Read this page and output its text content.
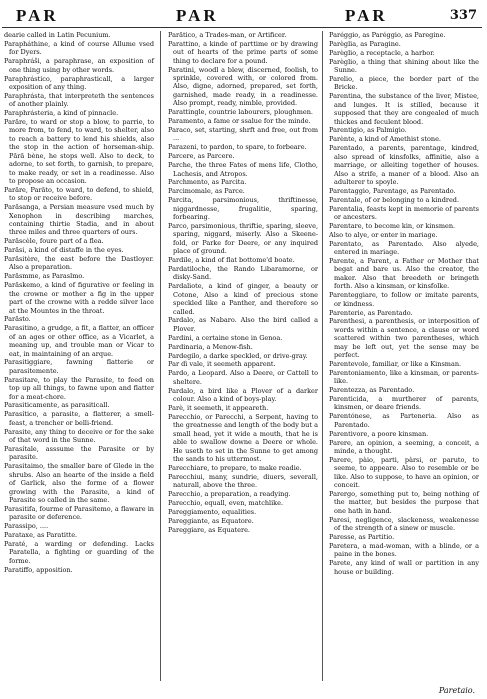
PAR	PAR	PAR	337
dearie called in Latin Pecunium.
Parapháthine, a kind of course Allume vsed for Dyers.
Paraphráši, a paraphrase, an exposition of one thing using by other words.
Paraphrástico, paraphrasticall, a larger exposition of any thing.
Paraphrásta, that interpreteth the sentences of another plainly.
Paraphrásteria, a kind of pinnacle.
Parăre, to ward or stop a blow, to parrie, to more from, to fend, to ward, to shelter, also to reach a battery to lend his shields, also the stop in the action of horseman-ship. Pără bène, he stops well. Also to deck, to adorne, to set forth, to garnish, to prepare, to make ready, or set in a readinesse. Also to propose an occasion.
Parăre, Parăto, to ward, to defend, to shield, to stop or receive before.
Parăsanga, a Persian measure vsed much by Xenophon in describing marches, containing thirtie Stadia, and in about three miles and three quarters of ours.
Parăscèle, foure part of a flea.
Parăsi, a kind of distaffe in the eyes.
Parăsitère, the east before the Dastloyer. Also a preparation.
Parăsmme, as Paraslmo.
Parăskemo, a kind of figurative or feeling in the crowne or mother a fig in the upper part of the crowne with a redde silver lace at the Mountes in the throat.
Parăsto.
Parasitino, a grudge, a fit, a flatter, an officer of an ages or other office, as a Vicarlet, a meaning up, and trouble man or Vicar to eat, in maintaining of an arque.
Parasitiggiare, fawning flatterie or parasitemente.
Parasitare, to play the Parasite, to feed on top up all things, to fawne upon and flatter for a meat-chore.
Parasiticamente, as parasiticall.
Parasítico, a parasite, a flatterer, a smell-feast, a trencher or belli-friend.
Parasite, any thing to deceive or for the sake of that word in the Sunne.
Parasítale, asssume the Parasite or by parasite.
Parasitaimo, the smaller bare of Glede in the shrubs. Also an hearte of the inside a field of Garlick, also the forme of a flower growing with the Parasite, a kind of Parasite so called in the same.
Parasitifa, fourme of Parasitemo, a flaware in parasite or deference.
Parassipo, ....
Parataxe, as Paratitte.
Paraté, a warding or defending. Lacks Paratella, a fighting or guarding of the forme.
Paratiffo, apposition.
Parătico, a Trades-man, or Artificer.
Parattino, a kinde of parttime or by drawing out of hearts of the prime parts of some thing to declare for a pound.
Paratini, woodl a blew, discerned, foolish, to sprinkle, covered with, or colored from. Also, digne, adorned, prepared, set forth, garnished, made ready, in a readinesse. Also prompt, ready, nimble, provided.
Parattingle, countrie labourers, ploughmen.
Paramento, a fame or ssalue for the minde.
Paraco, set, starting, shrft and free, out from ...
Parazeni, to pardon, to spare, to forbeare.
Parcere, as Parcere.
Parche, the three Fates of mens life, Clotho, Lachesis, and Atropos.
Parchmento, as Parcita.
Parcimomale, as Parce.
Parcita, parsimonious, thriftinesse, niggardnesse, frugalitie, sparing, forbearing.
Parco, parsimonious, thriftie, sparing, sleeve, sparing, niggard, miserly. Also a Skeene-fold, or Parke for Deere, or any inquired place of ground.
Pardile, a kind of flat bottome'd boate.
Pardatiloche, the Rando Libaramorne, or disky-Sand.
Pardaliote, a kind of ginger, a beauty or Cotone, Also a kind of precious stone speckled like a Panther, and therefore so called.
Pardalo, as Nabaro. Also the bird called a Plover.
Pardini, a certaine stone in Genoa.
Pardinaria, a Menow-fish.
Pardegilo, a darke speckled, or drive-gray.
Par dì vale, it seemeth apparent.
Pardo, a Leopard. Also a Deere, or Cattell to sheltere.
Pardalo, a bird like a Plover of a darker colour. Also a kind of boys-play.
Parè, it seemeth, it appeareth.
Parecchio, or Parecchi, a Serpent, having to the greatnesse and length of the body but a small head, yet it wide a mouth, that he is able to swallow downe a Deere or whole. He useth to set in the Sunne to get among the sands to his uttermost.
Parecchiare, to prepare, to make readie.
Parecchiui, many, sundrie, diuers, severall, naturall, above the three.
Parecchio, a preparation, a readying.
Parecchio, equall, even, matchlike.
Pareggiamento, equalities.
Pareggiante, as Equatore.
Pareggiare, as Equatere.
Paréggio, as Paréggio, as Paregine.
Parèglia, as Paragine.
Parèglio, a receptacle, a harbor.
Parèglio, a thing that shining about like the Sunne.
Parelio, a piece, the border part of the Bricke.
Parentina, the substance of the liver, Mistee, and lunges. It is stilled, because it supposed that they are congealed of much thickes and feculent blood.
Parentigio, as Palmigio.
Parènte, a kind of Amethist stone.
Parentado, a parents, parentage, kindred, also spread of kinsfolks, affinitie, also a marriage, or alleiting together of houses. Also a strife, a maner of a blood. Also an adulterer to spoyle.
Parentaggio, Parentage, as Parentado.
Parentale, of or belonging to a kindred.
Parentalia, feasts kept in memorie of parents or ancesters.
Parentare, to become kin, or kinsmen.
Also to alye, or enter in mariage.
Parentato, as Parentado. Also alyede, entered in mariage.
Parente, a Parent, a Father or Mother that begat and bare us. Also the creator, the maker. Also that breedeth or bringeth forth. Also a kinsman, or kinsfolke.
Parenteggiare, to follow or imitate parents, or kindness.
Parenterie, as Parentado.
Parenthesi, a parenthesis, or interposition of words within a sentence, a clause or word scattered within two parentheses, which may be left out, yet the sense may be perfect.
Parentevole, familiar, or like a Kinsman.
Parentoniamento, like a kinsman, or parents-like.
Parentezza, as Parentado.
Parenticida, a murtherer of parents, kinsmen, or deare friends.
Parentónese, as Parteneria. Also as Parentado.
Parentivore, a poore kinsman.
Parere, an opinion, a seeming, a conceit, a minde, a thought.
Parere, pàio, parti, pàrsi, or paruto, to seeme, to appeare. Also to resemble or be like. Also to suppose, to have an opinion, or conceit.
Parergo, something put to, being nothing of the matter, but besides the purpose that one hath in hand.
Paresi, negligence, slackeness, weakenesse of the strength of a sinew or muscle.
Paresse, as Partitio.
Paretera, a mad-woman, with a blinde, or a paine in the bones.
Parete, any kind of wall or partition in any house or building.
Paretaio.
